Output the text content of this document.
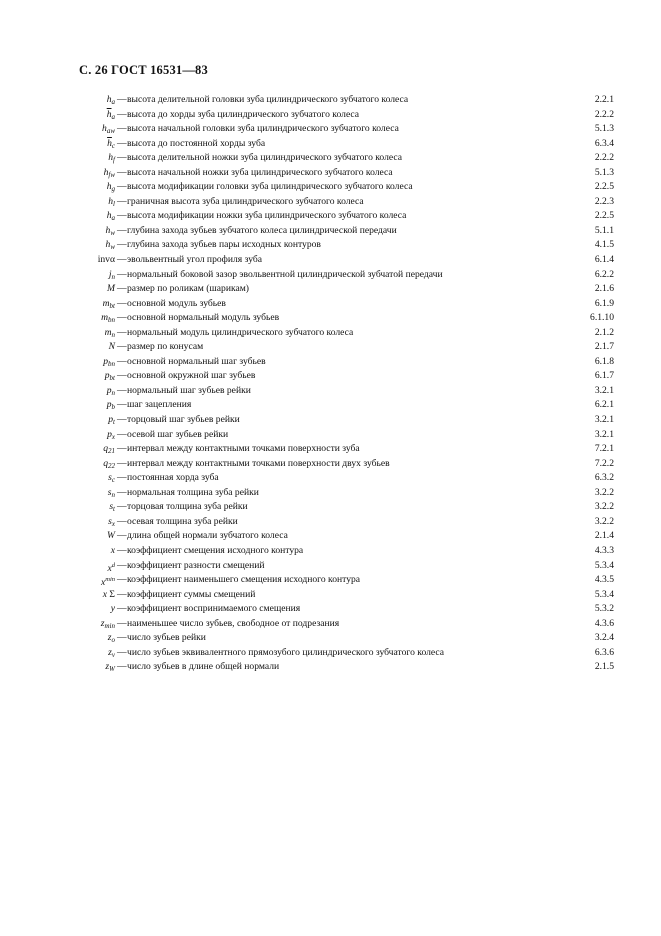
С. 26 ГОСТ 16531—83
$h_a$ — высота делительной головки зуба цилиндрического зубчатого колеса	2.2.1
$\overline{h}_a$ — высота до хорды зуба цилиндрического зубчатого колеса	2.2.2
$h_{aw}$ — высота начальной головки зуба цилиндрического зубчатого колеса	5.1.3
$\overline{h}_c$ — высота до постоянной хорды зуба	6.3.4
$h_f$ — высота делительной ножки зуба цилиндрического зубчатого колеса	2.2.2
$h_{fw}$ — высота начальной ножки зуба цилиндрического зубчатого колеса	5.1.3
$h_g$ — высота модификации головки зуба цилиндрического зубчатого колеса	2.2.5
$h_l$ — граничная высота зуба цилиндрического зубчатого колеса	2.2.3
$h_a$ — высота модификации ножки зуба цилиндрического зубчатого колеса	2.2.5
$h_w$ — глубина захода зубьев зубчатого колеса цилиндрической передачи	5.1.1
$h_w$ — глубина захода зубьев пары исходных контуров	4.1.5
invα — эвольвентный угол профиля зуба	6.1.4
$j_n$ — нормальный боковой зазор эвольвентной цилиндрической зубчатой передачи	6.2.2
M — размер по роликам (шарикам)	2.1.6
$m_{bt}$ — основной модуль зубьев	6.1.9
$m_{bn}$ — основной нормальный модуль зубьев	6.1.10
$m_n$ — нормальный модуль цилиндрического зубчатого колеса	2.1.2
N — размер по конусам	2.1.7
$p_{bn}$ — основной нормальный шаг зубьев	6.1.8
$p_{bt}$ — основной окружной шаг зубьев	6.1.7
$p_n$ — нормальный шаг зубьев рейки	3.2.1
$p_b$ — шаг зацепления	6.2.1
$p_t$ — торцовый шаг зубьев рейки	3.2.1
$p_x$ — осевой шаг зубьев рейки	3.2.1
$q_{21}$ — интервал между контактными точками поверхности зуба	7.2.1
$q_{22}$ — интервал между контактными точками поверхности двух зубьев	7.2.2
$s_c$ — постоянная хорда зуба	6.3.2
$s_n$ — нормальная толщина зуба рейки	3.2.2
$s_t$ — торцовая толщина зуба рейки	3.2.2
$s_x$ — осевая толщина зуба рейки	3.2.2
W — длина общей нормали зубчатого колеса	2.1.4
x — коэффициент смещения исходного контура	4.3.3
$x^d$ — коэффициент разности смещений	5.3.4
$x^{min}$ — коэффициент наименьшего смещения исходного контура	4.3.5
x Σ — коэффициент суммы смещений	5.3.4
y — коэффициент воспринимаемого смещения	5.3.2
$z_{min}$ — наименьшее число зубьев, свободное от подрезания	4.3.6
$z_o$ — число зубьев рейки	3.2.4
$z_v$ — число зубьев эквивалентного прямозубого цилиндрического зубчатого колеса	6.3.6
$z_W$ — число зубьев в длине общей нормали	2.1.5
